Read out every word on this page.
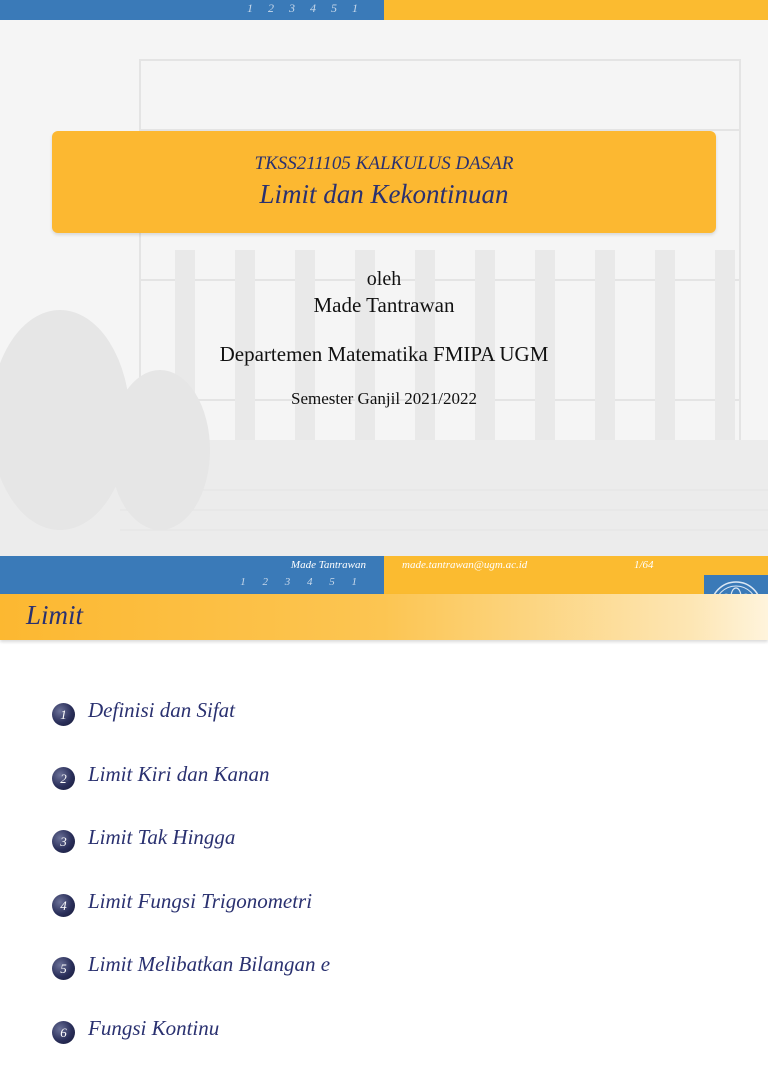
1 2 3 4 5 1
TKSS211105 KALKULUS DASAR
Limit dan Kekontinuan
oleh
Made Tantrawan
Departemen Matematika FMIPA UGM
Semester Ganjil 2021/2022
Made Tantrawan
1 2 3 4 5 1
made.tantrawan@ugm.ac.id	1/64
Limit
1	Definisi dan Sifat
2	Limit Kiri dan Kanan
3	Limit Tak Hingga
4	Limit Fungsi Trigonometri
5	Limit Melibatkan Bilangan e
6	Fungsi Kontinu
